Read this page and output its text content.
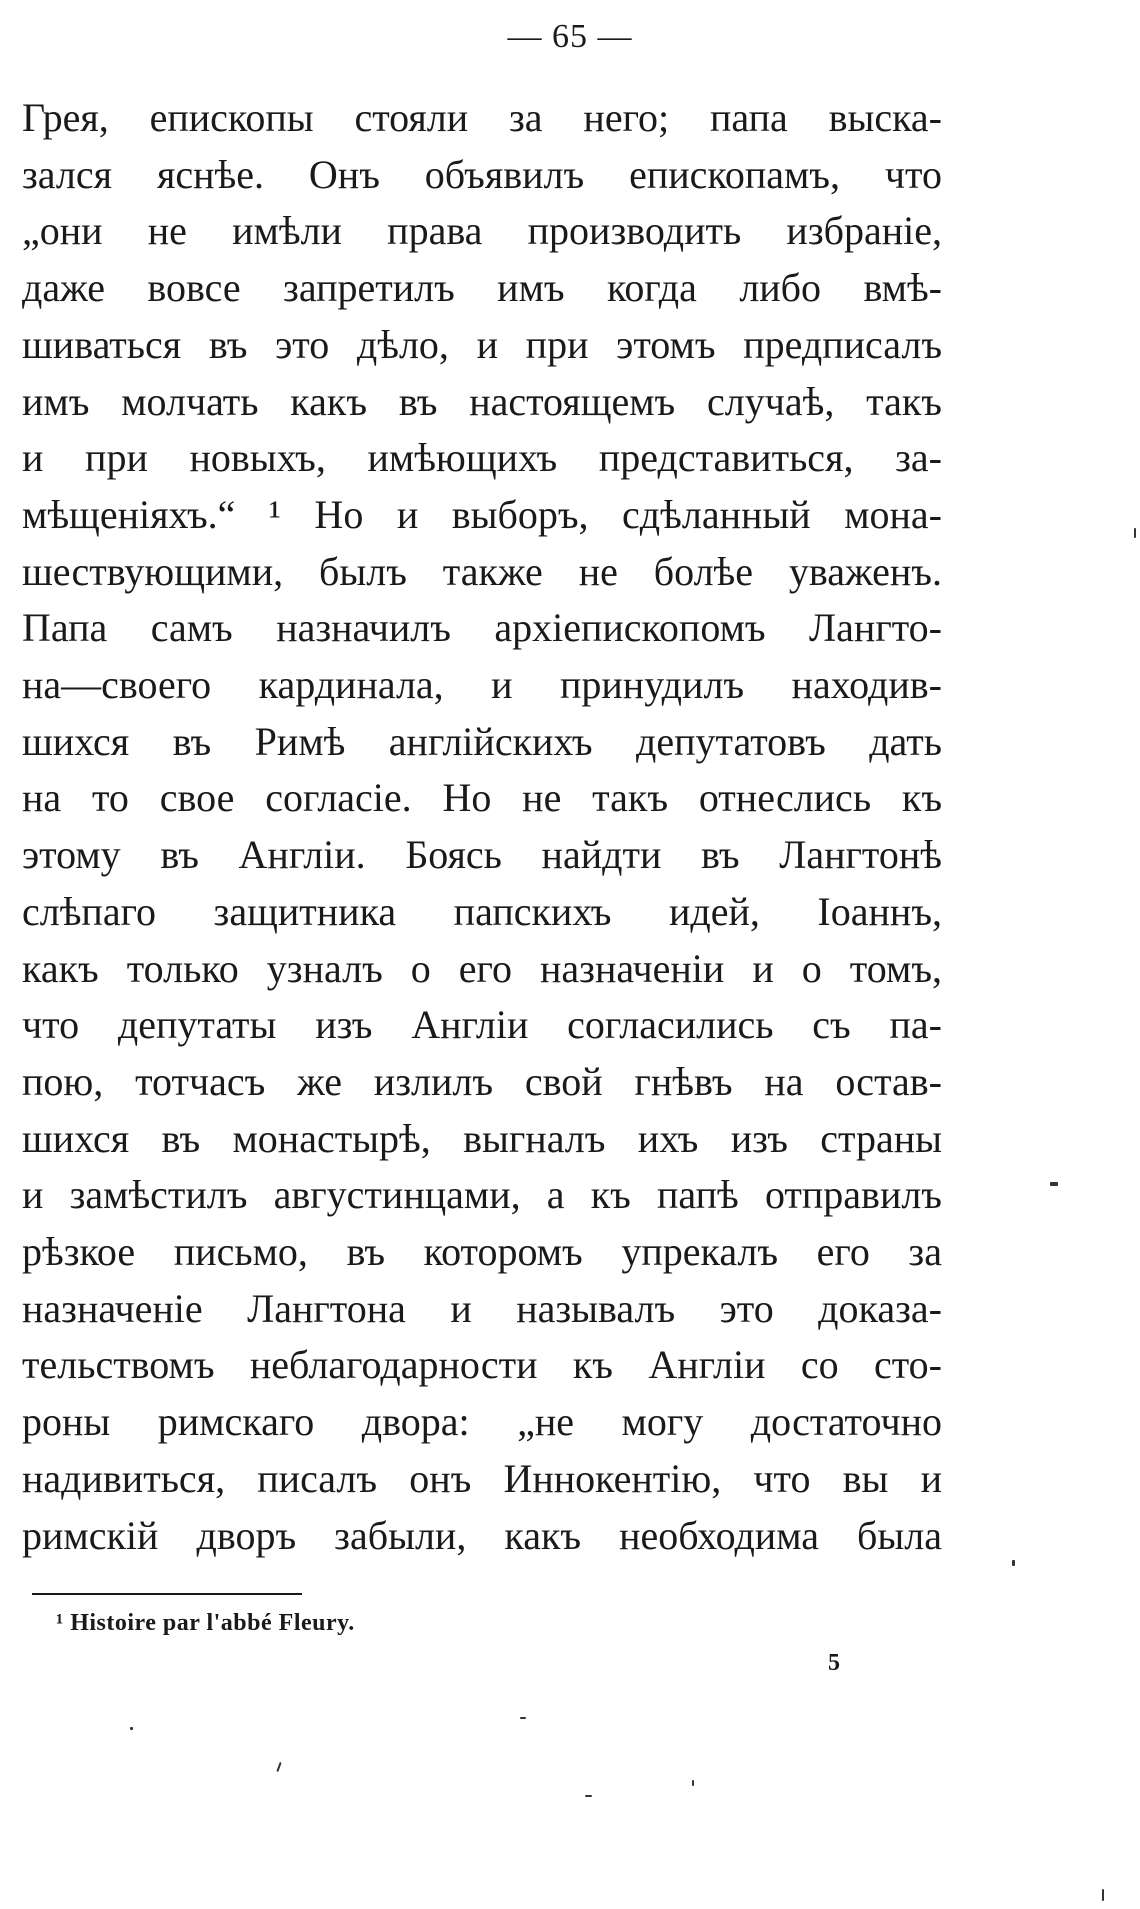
— 65 —
Грея, епископы стояли за него; папа выска-
зался яснѣе. Онъ объявилъ епископамъ, что
„они не имѣли права производить избраніе,
даже вовсе запретилъ имъ когда либо вмѣ-
шиваться въ это дѣло, и при этомъ предписалъ
имъ молчать какъ въ настоящемъ случаѣ, такъ
и при новыхъ, имѣющихъ представиться, за-
мѣщеніяхъ.“ ¹ Но и выборъ, сдѣланный мона-
шествующими, былъ также не болѣе уваженъ.
Папа самъ назначилъ архіепископомъ Лангто-
на—своего кардинала, и принудилъ находив-
шихся въ Римѣ англійскихъ депутатовъ дать
на то свое согласіе. Но не такъ отнеслись къ
этому въ Англіи. Боясь найдти въ Лангтонѣ
слѣпаго защитника папскихъ идей, Іоаннъ,
какъ только узналъ о его назначеніи и о томъ,
что депутаты изъ Англіи согласились съ па-
пою, тотчасъ же излилъ свой гнѣвъ на остав-
шихся въ монастырѣ, выгналъ ихъ изъ страны
и замѣстилъ августинцами, а къ папѣ отправилъ
рѣзкое письмо, въ которомъ упрекалъ его за
назначеніе Лангтона и называлъ это доказа-
тельствомъ неблагодарности къ Англіи со сто-
роны римскаго двора: „не могу достаточно
надивиться, писалъ онъ Иннокентію, что вы и
римскій дворъ забыли, какъ необходима была
¹ Histoire par l'abbé Fleury.
5
